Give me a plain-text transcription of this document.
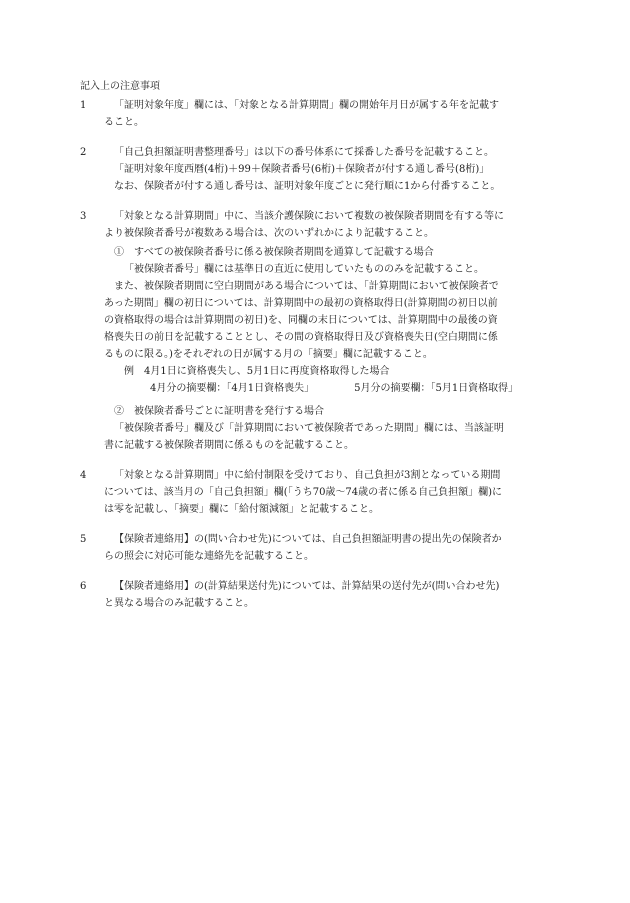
記入上の注意事項
1	「証明対象年度」欄には、「対象となる計算期間」欄の開始年月日が属する年を記載す
ること。
2	「自己負担額証明書整理番号」は以下の番号体系にて採番した番号を記載すること。
「証明対象年度西暦(4桁)＋99＋保険者番号(6桁)＋保険者が付する通し番号(8桁)」
なお、保険者が付する通し番号は、証明対象年度ごとに発行順に1から付番すること。
3	「対象となる計算期間」中に、当該介護保険において複数の被保険者期間を有する等に
より被保険者番号が複数ある場合は、次のいずれかにより記載すること。
①　すべての被保険者番号に係る被保険者期間を通算して記載する場合
「被保険者番号」欄には基準日の直近に使用していたもののみを記載すること。
また、被保険者期間に空白期間がある場合については、「計算期間において被保険者で
あった期間」欄の初日については、計算期間中の最初の資格取得日(計算期間の初日以前
の資格取得の場合は計算期間の初日)を、同欄の末日については、計算期間中の最後の資
格喪失日の前日を記載することとし、その間の資格取得日及び資格喪失日(空白期間に係
るものに限る。)をそれぞれの日が属する月の「摘要」欄に記載すること。
例　4月1日に資格喪失し、5月1日に再度資格取得した場合
4月分の摘要欄：「4月1日資格喪失」	5月分の摘要欄：「5月1日資格取得」
②　被保険者番号ごとに証明書を発行する場合
「被保険者番号」欄及び「計算期間において被保険者であった期間」欄には、当該証明
書に記載する被保険者期間に係るものを記載すること。
4	「対象となる計算期間」中に給付制限を受けており、自己負担が3割となっている期間
については、該当月の「自己負担額」欄(「うち70歳～74歳の者に係る自己負担額」欄)に
は零を記載し、「摘要」欄に「給付額減額」と記載すること。
5	【保険者連絡用】の(問い合わせ先)については、自己負担額証明書の提出先の保険者か
らの照会に対応可能な連絡先を記載すること。
6	【保険者連絡用】の(計算結果送付先)については、計算結果の送付先が(問い合わせ先)
と異なる場合のみ記載すること。
